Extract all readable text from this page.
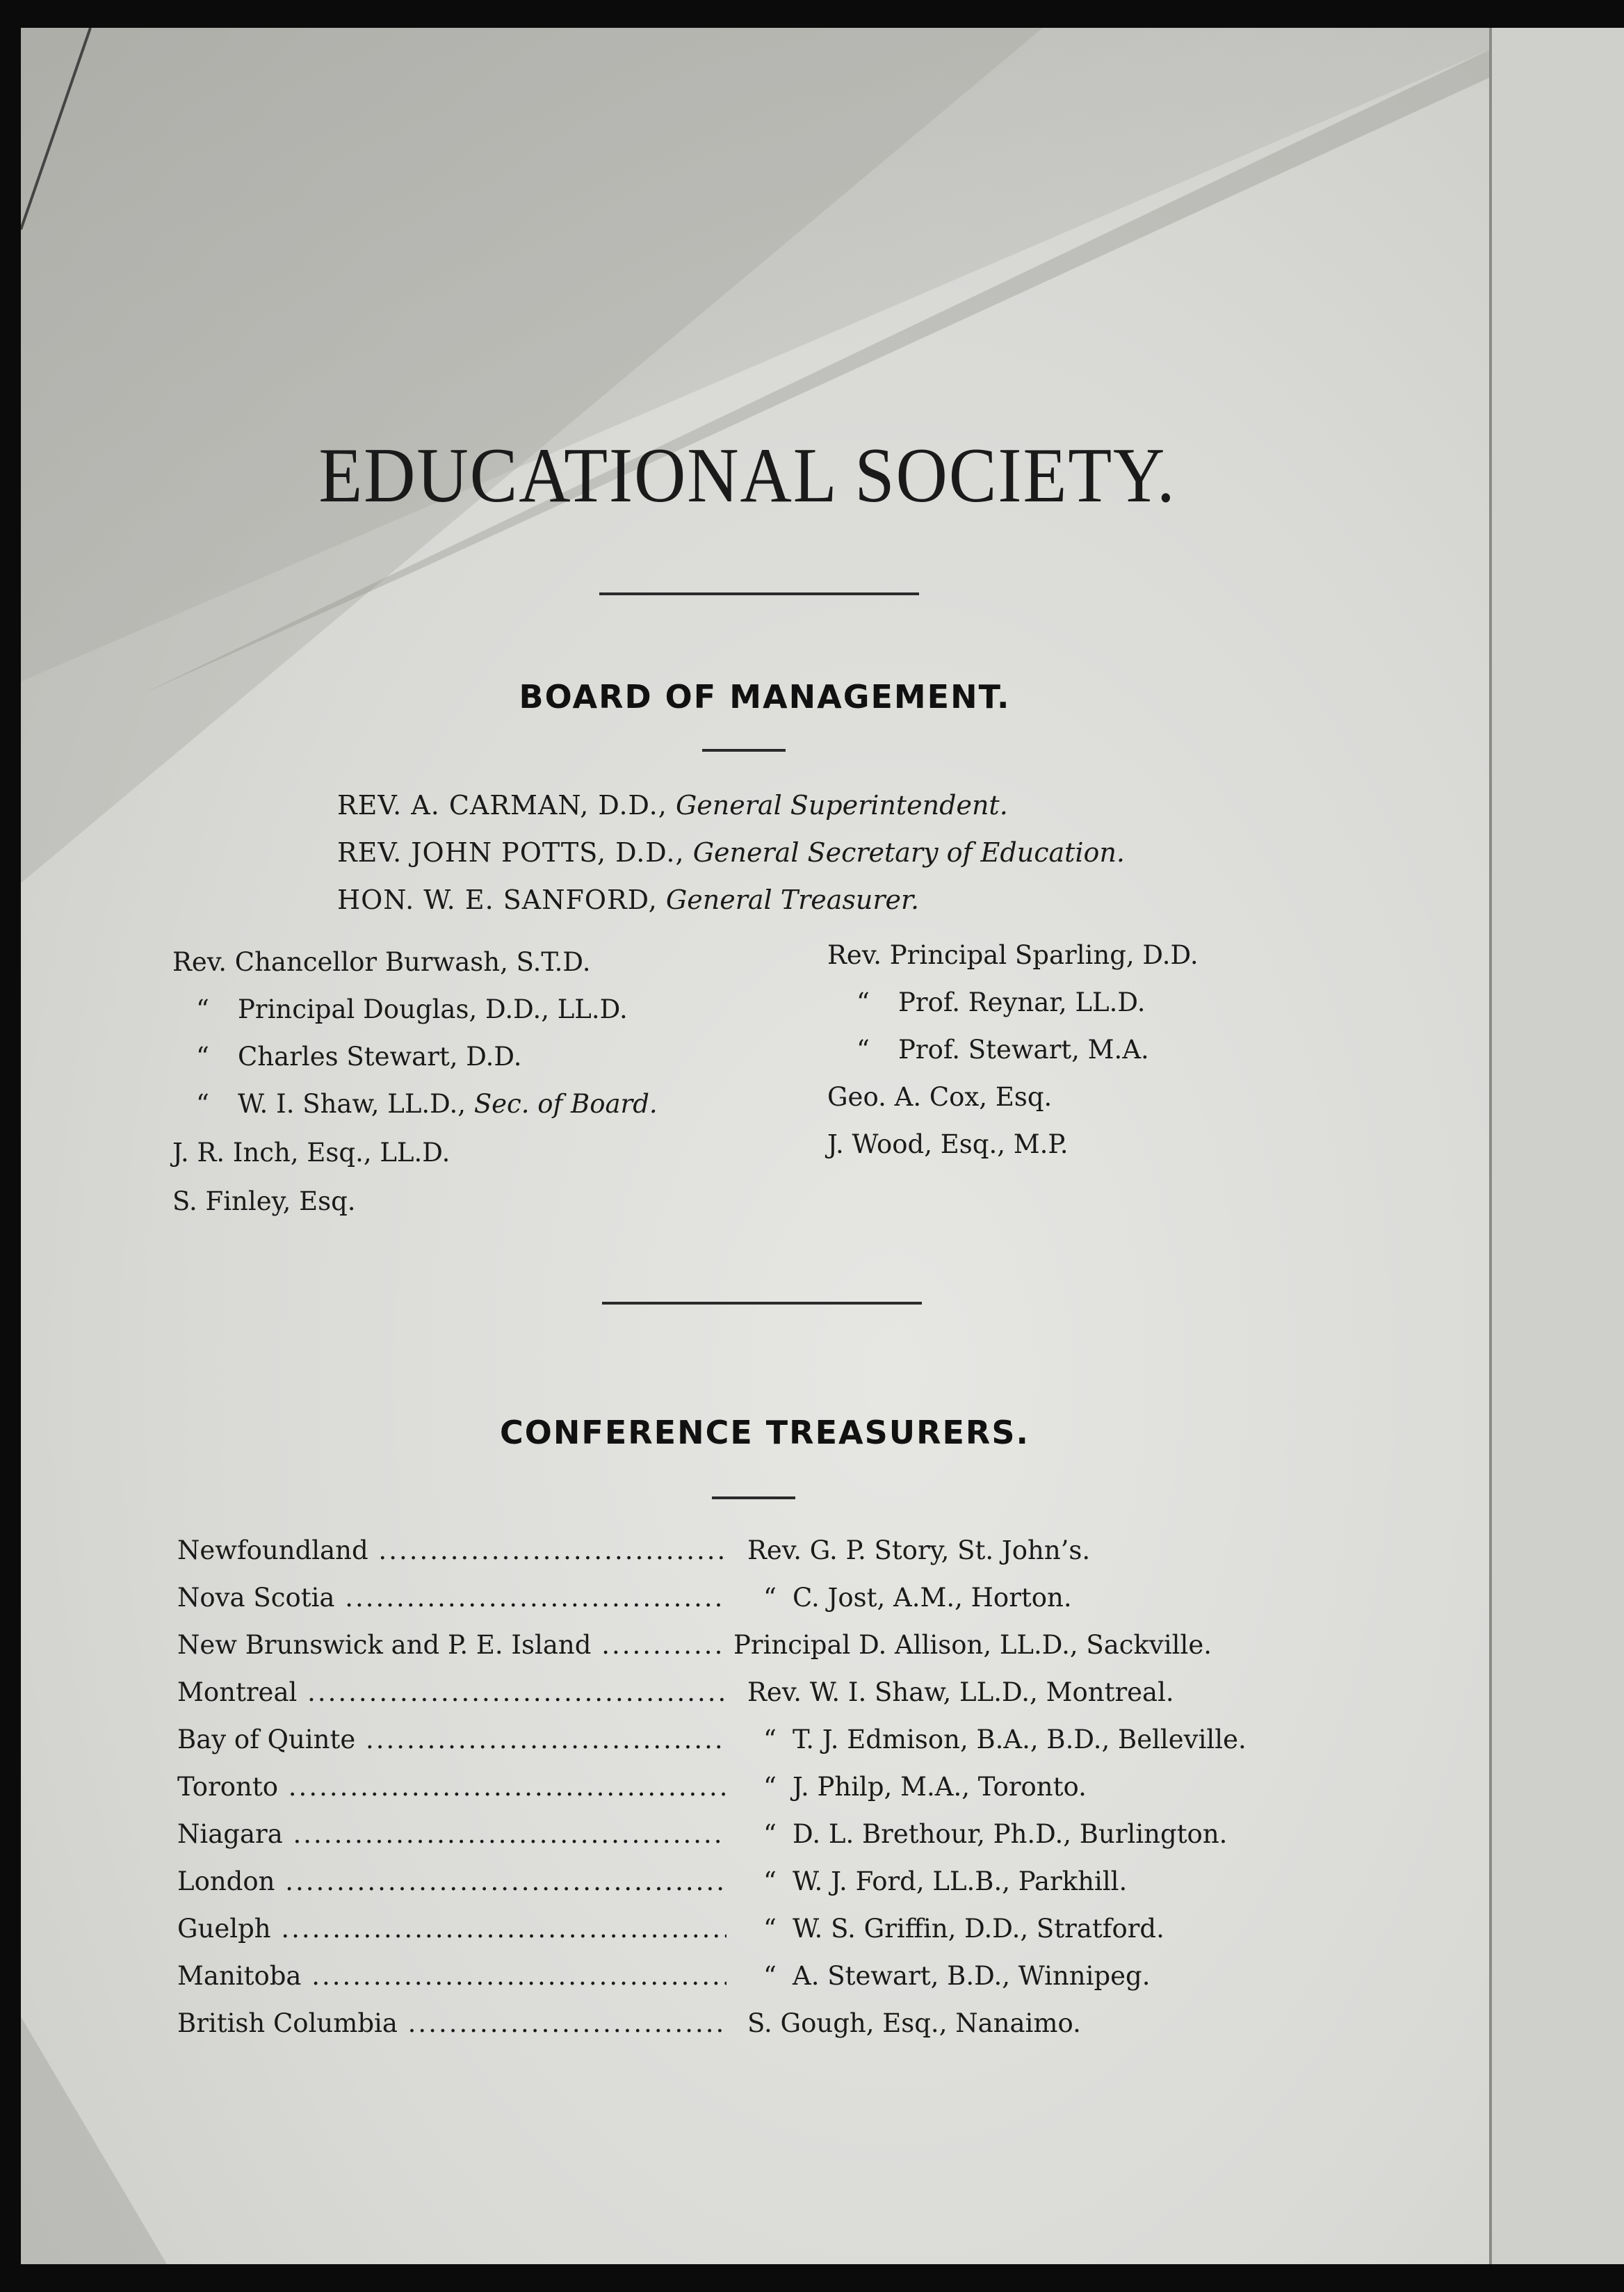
EDUCATIONAL SOCIETY.
BOARD OF MANAGEMENT.
REV. A. CARMAN, D.D., General Superintendent.
REV. JOHN POTTS, D.D., General Secretary of Education.
HON. W. E. SANFORD, General Treasurer.
Rev. Chancellor Burwash, S.T.D.
“ Principal Douglas, D.D., LL.D.
“ Charles Stewart, D.D.
“ W. I. Shaw, LL.D., Sec. of Board.
J. R. Inch, Esq., LL.D.
S. Finley, Esq.
Rev. Principal Sparling, D.D.
“ Prof. Reynar, LL.D.
“ Prof. Stewart, M.A.
Geo. A. Cox, Esq.
J. Wood, Esq., M.P.
CONFERENCE TREASURERS.
Newfoundland .....	Rev. G. P. Story, St. John’s.
Nova Scotia .....	“ C. Jost, A.M., Horton.
New Brunswick and P. E. Island .....	Principal D. Allison, LL.D., Sackville.
Montreal .....	Rev. W. I. Shaw, LL.D., Montreal.
Bay of Quinte .....	“ T. J. Edmison, B.A., B.D., Belleville.
Toronto .....	“ J. Philp, M.A., Toronto.
Niagara .....	“ D. L. Brethour, Ph.D., Burlington.
London .....	“ W. J. Ford, LL.B., Parkhill.
Guelph .....	“ W. S. Griffin, D.D., Stratford.
Manitoba .....	“ A. Stewart, B.D., Winnipeg.
British Columbia .....	S. Gough, Esq., Nanaimo.
